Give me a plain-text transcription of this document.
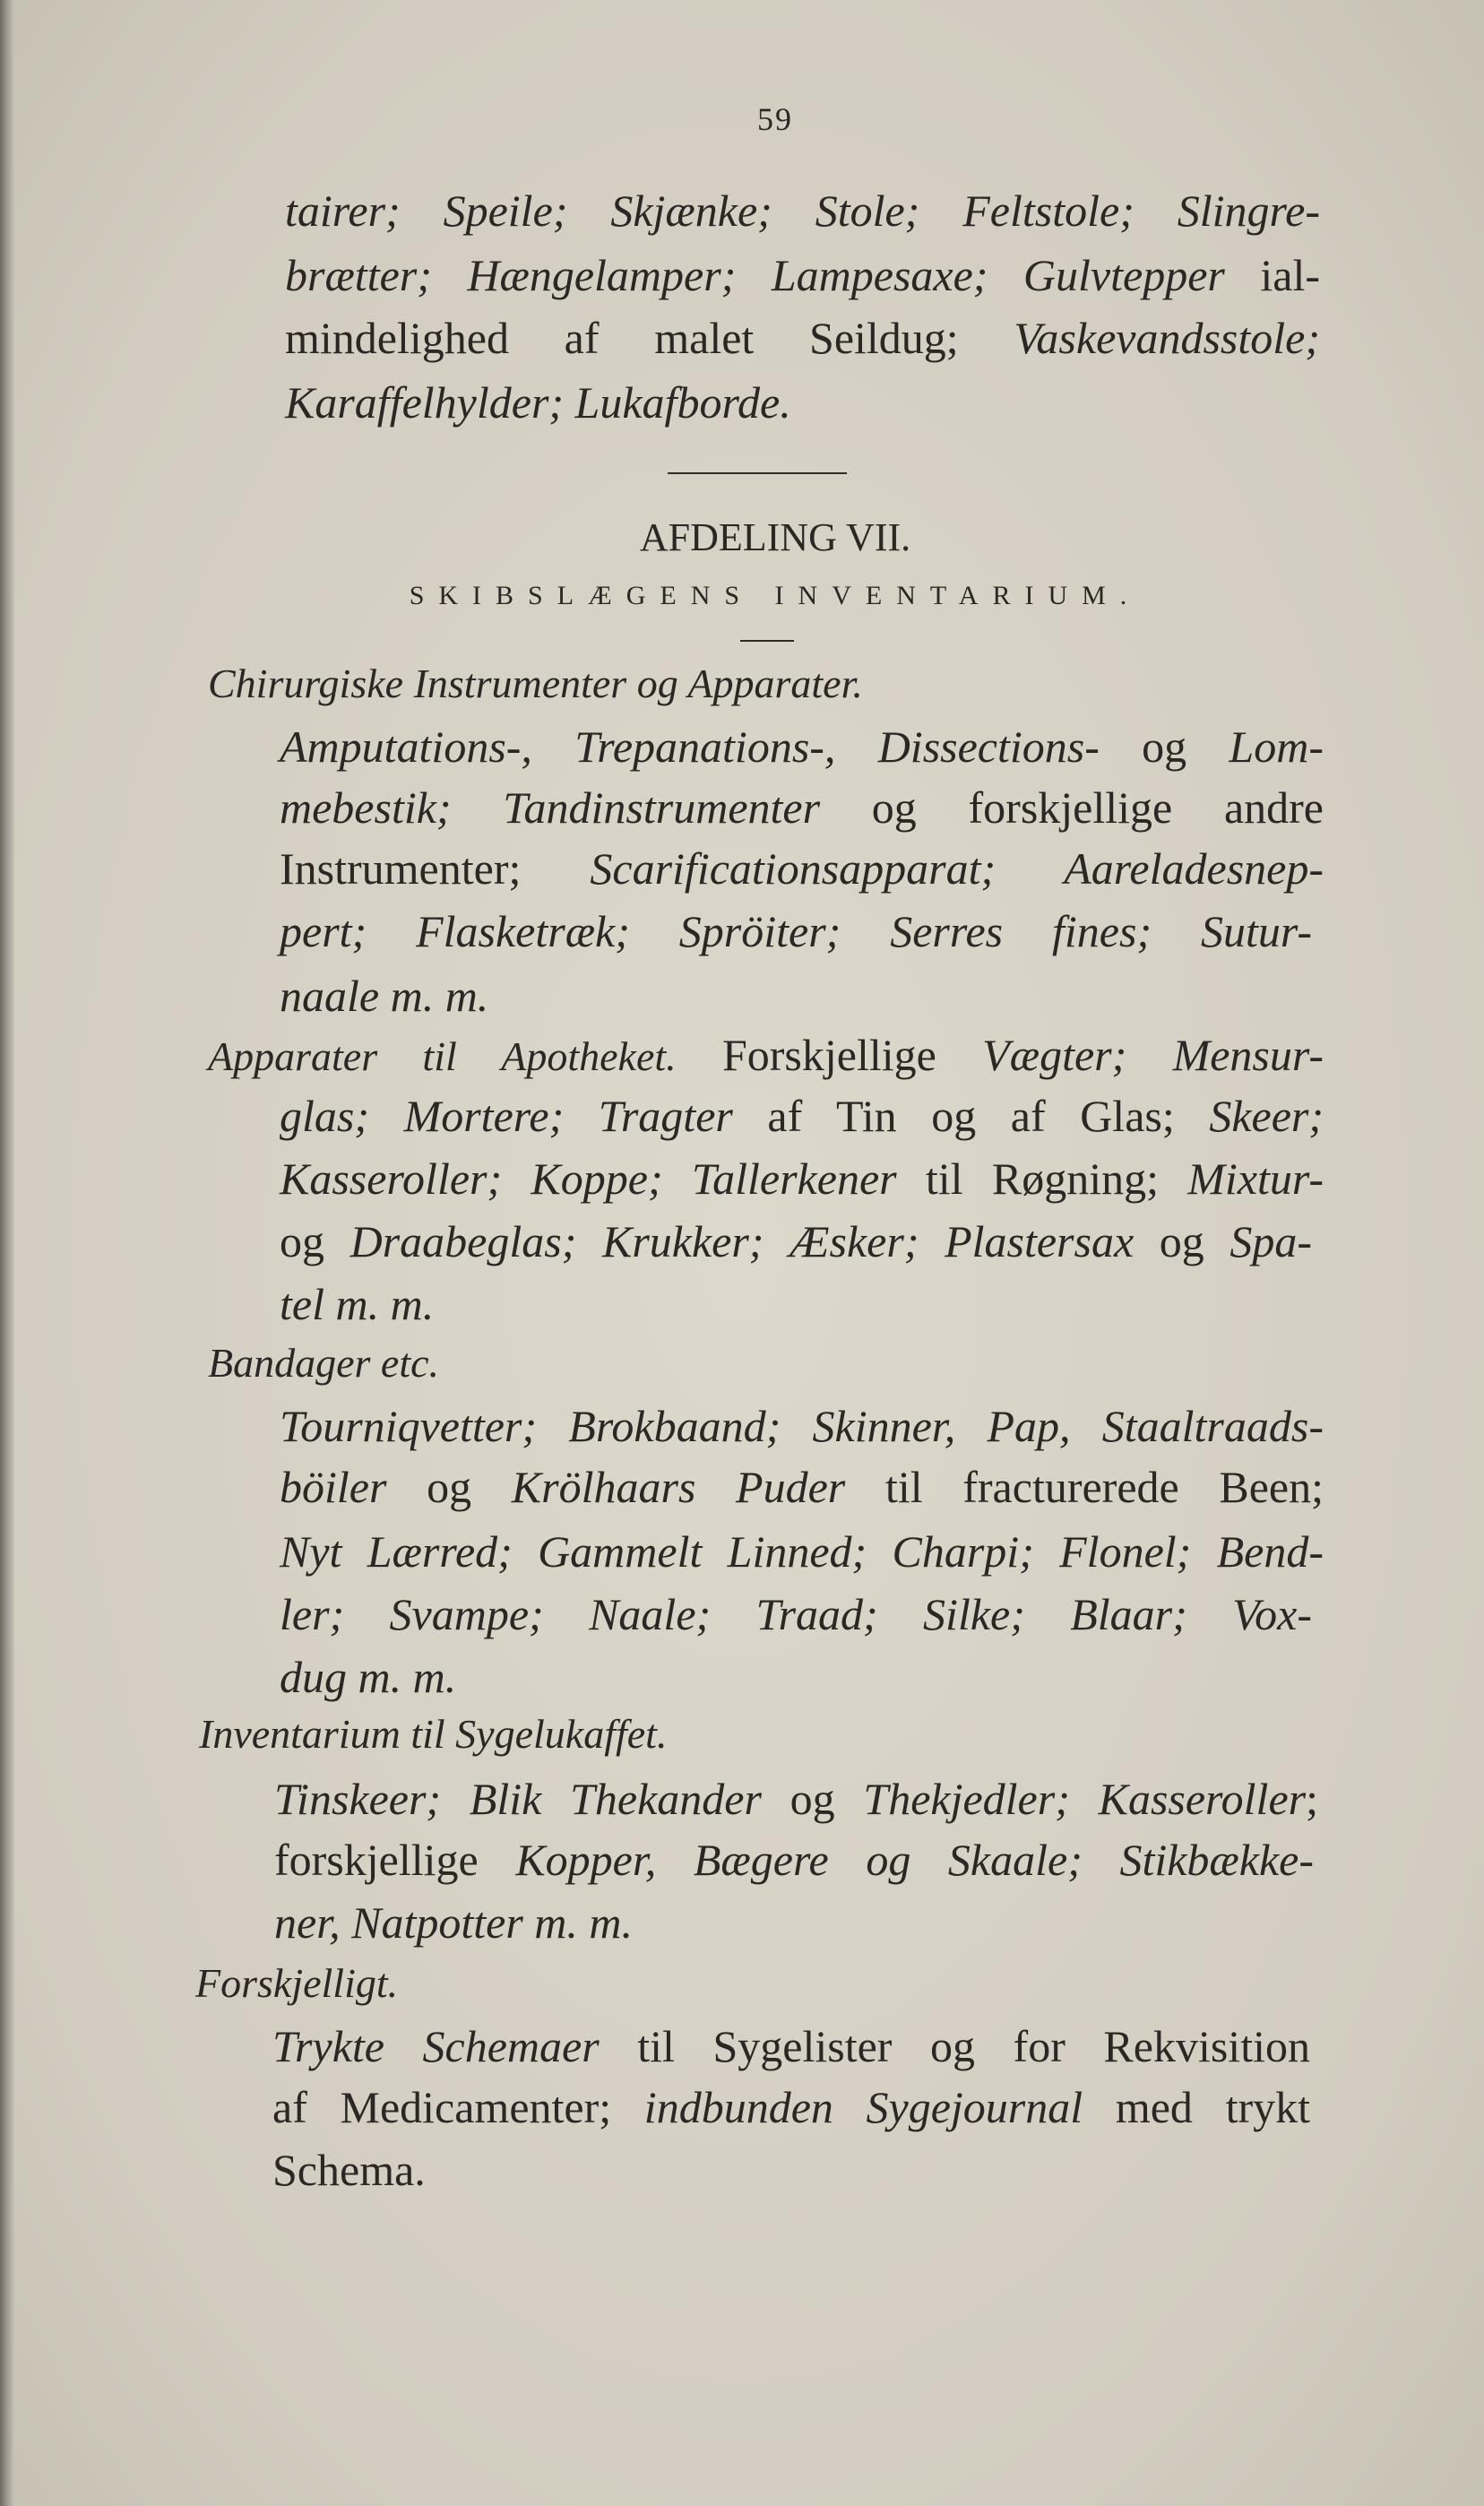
59
tairer; Speile; Skjænke; Stole; Feltstole; Slingre-
brætter; Hængelamper; Lampesaxe; Gulvtepper ial-
mindelighed af malet Seildug; Vaskevandsstole;
Karaffelhylder; Lukafborde.
AFDELING VII.
SKIBSLÆGENS INVENTARIUM.
Chirurgiske Instrumenter og Apparater.
Amputations-, Trepanations-, Dissections- og Lom-
mebestik; Tandinstrumenter og forskjellige andre
Instrumenter; Scarificationsapparat; Aareladesnep-
pert; Flasketræk; Spröiter; Serres fines; Sutur-
naale m. m.
Apparater til Apotheket. Forskjellige Vægter; Mensur-
glas; Mortere; Tragter af Tin og af Glas; Skeer;
Kasseroller; Koppe; Tallerkener til Røgning; Mixtur-
og Draabeglas; Krukker; Æsker; Plastersax og Spa-
tel m. m.
Bandager etc.
Tourniqvetter; Brokbaand; Skinner, Pap, Staaltraads-
böiler og Krölhaars Puder til fracturerede Been;
Nyt Lærred; Gammelt Linned; Charpi; Flonel; Bend-
ler; Svampe; Naale; Traad; Silke; Blaar; Vox-
dug m. m.
Inventarium til Sygelukaffet.
Tinskeer; Blik Thekander og Thekjedler; Kasseroller;
forskjellige Kopper, Bægere og Skaale; Stikbække-
ner, Natpotter m. m.
Forskjelligt.
Trykte Schemaer til Sygelister og for Rekvisition
af Medicamenter; indbunden Sygejournal med trykt
Schema.
